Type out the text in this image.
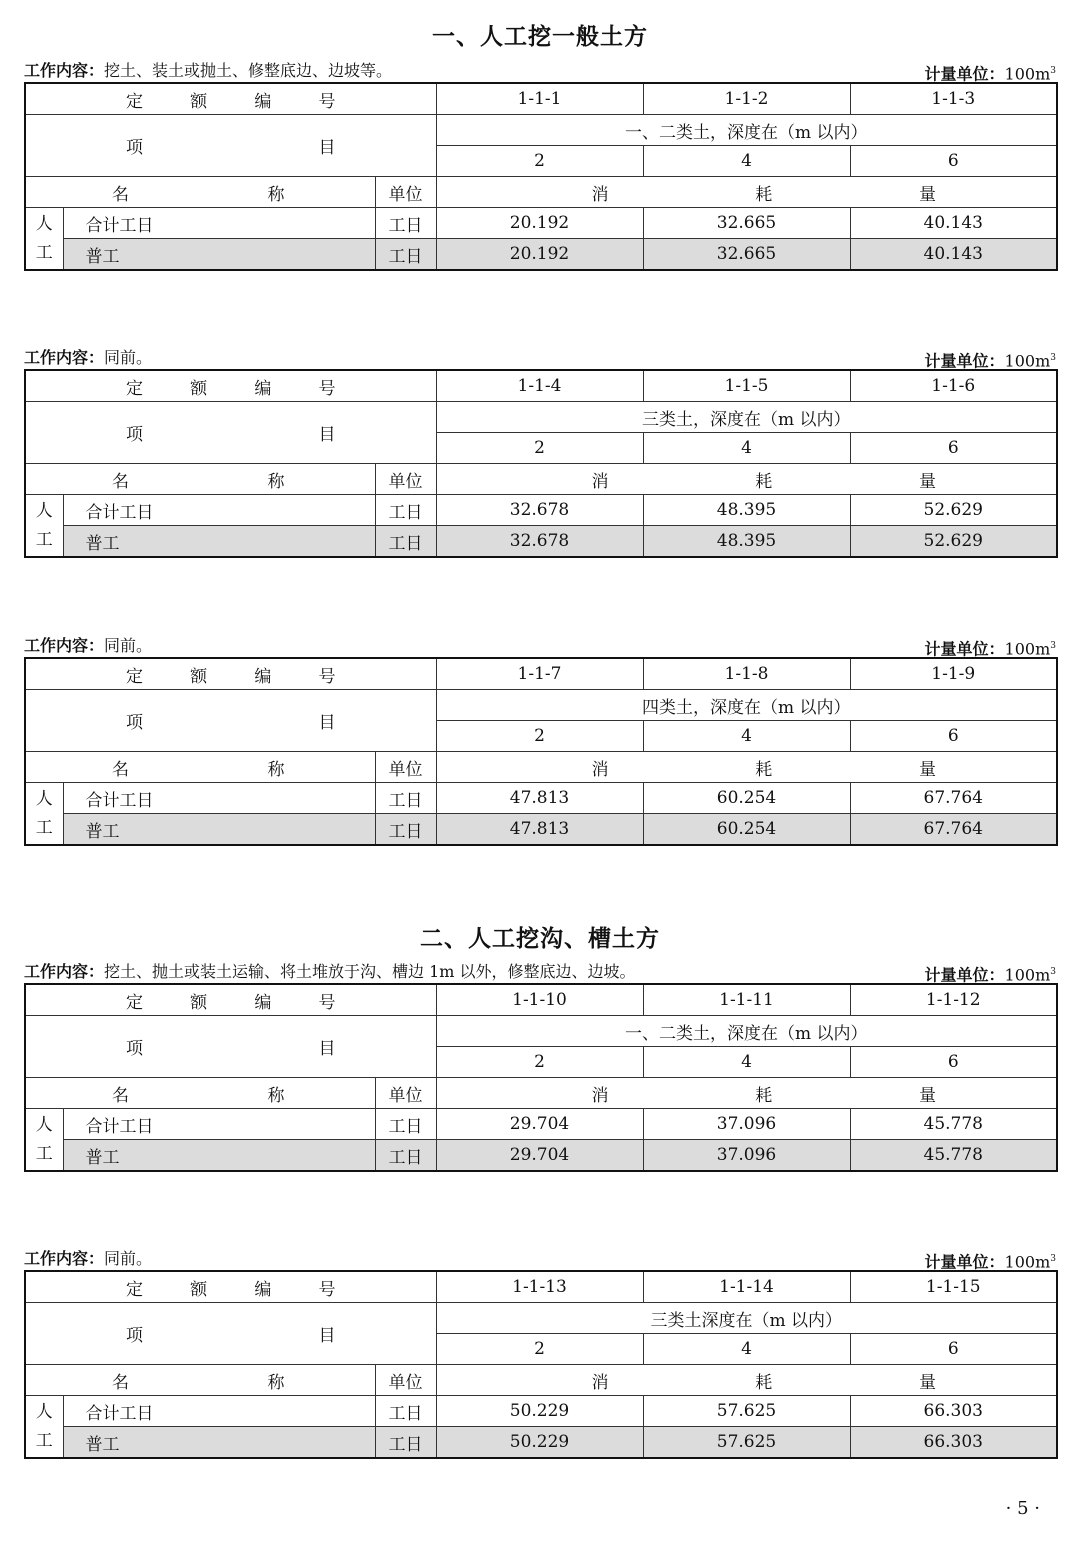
一、人工挖一般土方
工作内容：挖土、装土或抛土、修整底边、边坡等。	计量单位：$100m^3$
定 额 编 号			1-1-1	1-1-2	1-1-3

项 目			一、二类土，深度在（m 以内）		
			2	4	6

名 称		单位	消 耗 量		

人
工	合计工日	工日	20.192	32.665	40.143
	普工	工日	20.192	32.665	40.143
工作内容：同前。	计量单位：$100m^3$
定 额 编 号			1-1-4	1-1-5	1-1-6

项 目			三类土，深度在（m 以内）		
			2	4	6

名 称		单位	消 耗 量		

人
工	合计工日	工日	32.678	48.395	52.629
	普工	工日	32.678	48.395	52.629
工作内容：同前。	计量单位：$100m^3$
定 额 编 号			1-1-7	1-1-8	1-1-9

项 目			四类土，深度在（m 以内）		
			2	4	6

名 称		单位	消 耗 量		

人
工	合计工日	工日	47.813	60.254	67.764
	普工	工日	47.813	60.254	67.764
二、人工挖沟、槽土方
工作内容：挖土、抛土或装土运输、将土堆放于沟、槽边 1m 以外，修整底边、边坡。	计量单位：$100m^3$
定 额 编 号			1-1-10	1-1-11	1-1-12

项 目			一、二类土，深度在（m 以内）		
			2	4	6

名 称		单位	消 耗 量		

人
工	合计工日	工日	29.704	37.096	45.778
	普工	工日	29.704	37.096	45.778
工作内容：同前。	计量单位：$100m^3$
定 额 编 号			1-1-13	1-1-14	1-1-15

项 目			三类土深度在（m 以内）		
			2	4	6

名 称		单位	消 耗 量		

人
工	合计工日	工日	50.229	57.625	66.303
	普工	工日	50.229	57.625	66.303
· 5 ·
